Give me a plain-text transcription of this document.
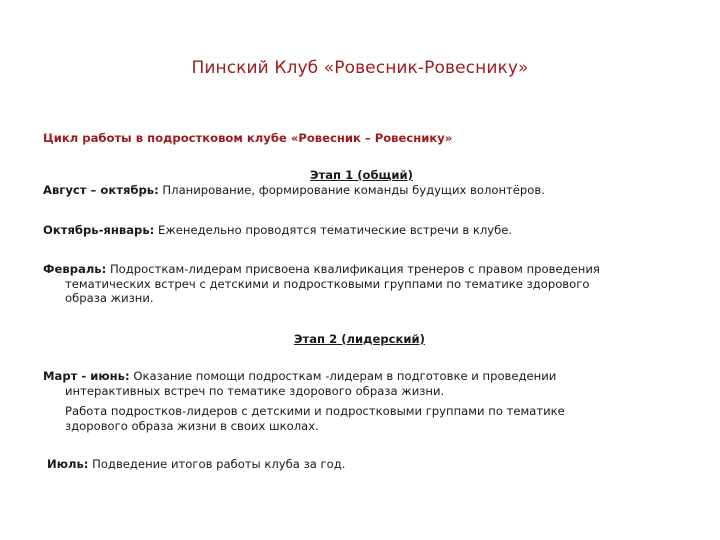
Пинский Клуб «Ровесник-Ровеснику»
Цикл работы в подростковом клубе «Ровесник – Ровеснику»
Этап 1 (общий)
Август – октябрь: Планирование, формирование команды будущих волонтёров.
Октябрь-январь: Еженедельно проводятся тематические встречи в клубе.
Февраль: Подросткам-лидерам присвоена квалификация тренеров с правом проведения
тематических встреч с детскими и подростковыми группами по тематике здорового
образа жизни.
Этап 2 (лидерский)
Март - июнь: Оказание помощи подросткам -лидерам в подготовке и проведении
интерактивных встреч по тематике здорового образа жизни.
Работа подростков-лидеров с детскими и подростковыми группами по тематике
здорового образа жизни в своих школах.
Июль: Подведение итогов работы клуба за год.
